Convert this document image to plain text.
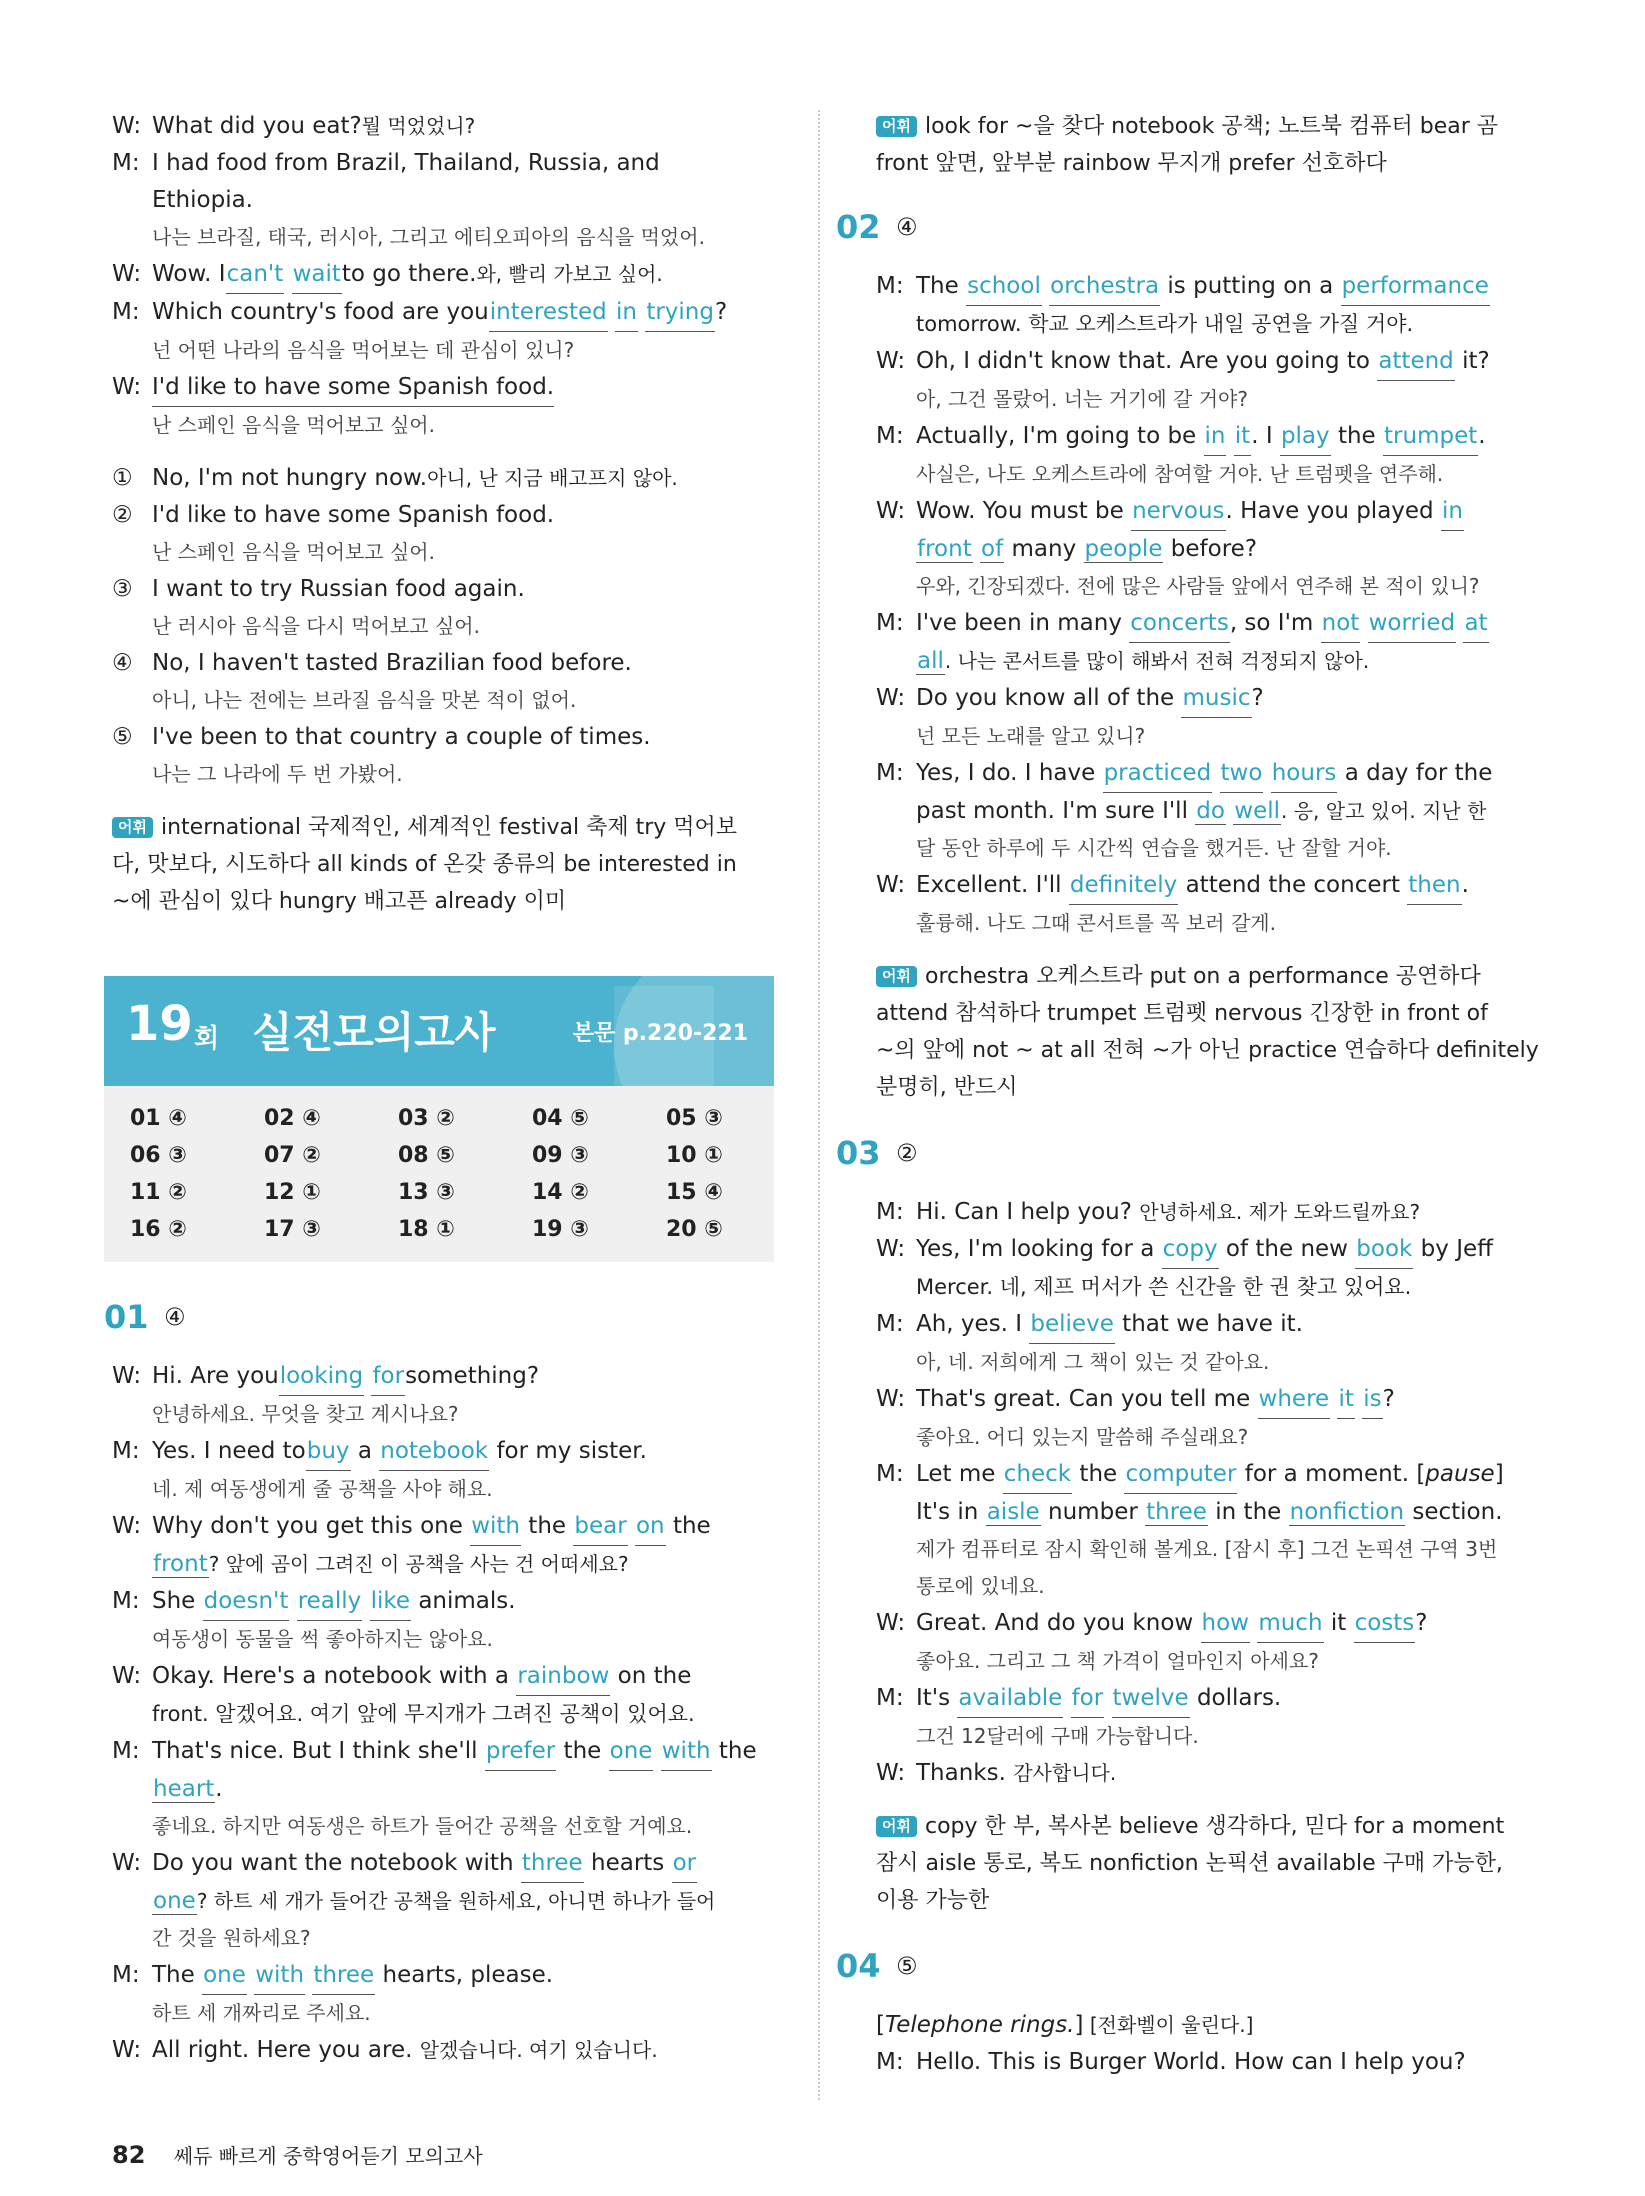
W: What did you eat? 뭘 먹었었니?
M: I had food from Brazil, Thailand, Russia, and
Ethiopia.
나는 브라질, 태국, 러시아, 그리고 에티오피아의 음식을 먹었어.
W: Wow. I can't
wait to go there. 와, 빨리 가보고 싶어.
M: Which country's food are you interested
in
trying ?
넌 어떤 나라의 음식을 먹어보는 데 관심이 있니?
W: I'd like to have some Spanish food.
난 스페인 음식을 먹어보고 싶어.
① No, I'm not hungry now. 아니, 난 지금 배고프지 않아.
② I'd like to have some Spanish food.
난 스페인 음식을 먹어보고 싶어.
③ I want to try Russian food again.
난 러시아 음식을 다시 먹어보고 싶어.
④ No, I haven't tasted Brazilian food before.
아니, 나는 전에는 브라질 음식을 맛본 적이 없어.
⑤ I've been to that country a couple of times.
나는 그 나라에 두 번 가봤어.
어휘 international 국제적인, 세계적인 festival 축제 try 먹어보
다, 맛보다, 시도하다 all kinds of 온갖 종류의 be interested in
~에 관심이 있다 hungry 배고픈 already 이미
19 회 실전모의고사	본문 p.220-221
01 ④	02 ④	03 ②	04 ⑤	05 ③
06 ③	07 ②	08 ⑤	09 ③	10 ①
11 ②	12 ①	13 ③	14 ②	15 ④
16 ②	17 ③	18 ①	19 ③	20 ⑤
01 ④
W: Hi. Are you looking
for something?
안녕하세요. 무엇을 찾고 계시나요?
M: Yes. I need to buy a notebook for my sister.
네. 제 여동생에게 줄 공책을 사야 해요.
W: Why don't you get this one with the bear
on the
front? 앞에 곰이 그려진 이 공책을 사는 건 어떠세요?
M: She doesn't
really
like animals.
여동생이 동물을 썩 좋아하지는 않아요.
W: Okay. Here's a notebook with a rainbow on the
front. 알겠어요. 여기 앞에 무지개가 그려진 공책이 있어요.
M: That's nice. But I think she'll prefer the one
with the
heart.
좋네요. 하지만 여동생은 하트가 들어간 공책을 선호할 거예요.
W: Do you want the notebook with three hearts or
one? 하트 세 개가 들어간 공책을 원하세요, 아니면 하나가 들어
간 것을 원하세요?
M: The one
with
three hearts, please.
하트 세 개짜리로 주세요.
W: All right. Here you are. 알겠습니다. 여기 있습니다.
어휘 look for ~을 찾다 notebook 공책; 노트북 컴퓨터 bear 곰
front 앞면, 앞부분 rainbow 무지개 prefer 선호하다
02 ④
M: The school
orchestra is putting on a performance
tomorrow. 학교 오케스트라가 내일 공연을 가질 거야.
W: Oh, I didn't know that. Are you going to attend it?
아, 그건 몰랐어. 너는 거기에 갈 거야?
M: Actually, I'm going to be in
it . I play the trumpet .
사실은, 나도 오케스트라에 참여할 거야. 난 트럼펫을 연주해.
W: Wow. You must be nervous . Have you played in
front of many people before?
우와, 긴장되겠다. 전에 많은 사람들 앞에서 연주해 본 적이 있니?
M: I've been in many concerts , so I'm not
worried
at
all. 나는 콘서트를 많이 해봐서 전혀 걱정되지 않아.
W: Do you know all of the music ?
넌 모든 노래를 알고 있니?
M: Yes, I do. I have practiced
two
hours a day for the
past month. I'm sure I'll do well. 응, 알고 있어. 지난 한
달 동안 하루에 두 시간씩 연습을 했거든. 난 잘할 거야.
W: Excellent. I'll definitely attend the concert then .
훌륭해. 나도 그때 콘서트를 꼭 보러 갈게.
어휘 orchestra 오케스트라 put on a performance 공연하다
attend 참석하다 trumpet 트럼펫 nervous 긴장한 in front of
~의 앞에 not ~ at all 전혀 ~가 아닌 practice 연습하다 definitely
분명히, 반드시
03 ②
M: Hi. Can I help you? 안녕하세요. 제가 도와드릴까요?
W: Yes, I'm looking for a copy of the new book by Jeff
Mercer. 네, 제프 머서가 쓴 신간을 한 권 찾고 있어요.
M: Ah, yes. I believe that we have it.
아, 네. 저희에게 그 책이 있는 것 같아요.
W: That's great. Can you tell me where
it
is ?
좋아요. 어디 있는지 말씀해 주실래요?
M: Let me check the computer for a moment. [ pause ]
It's in aisle number three in the nonfiction section.
제가 컴퓨터로 잠시 확인해 볼게요. [잠시 후] 그건 논픽션 구역 3번
통로에 있네요.
W: Great. And do you know how
much it costs ?
좋아요. 그리고 그 책 가격이 얼마인지 아세요?
M: It's available
for
twelve dollars.
그건 12달러에 구매 가능합니다.
W: Thanks. 감사합니다.
어휘 copy 한 부, 복사본 believe 생각하다, 믿다 for a moment
잠시 aisle 통로, 복도 nonfiction 논픽션 available 구매 가능한,
이용 가능한
04 ⑤
[Telephone rings.] [전화벨이 울린다.]
M: Hello. This is Burger World. How can I help you?
82 쎄듀 빠르게 중학영어듣기 모의고사
